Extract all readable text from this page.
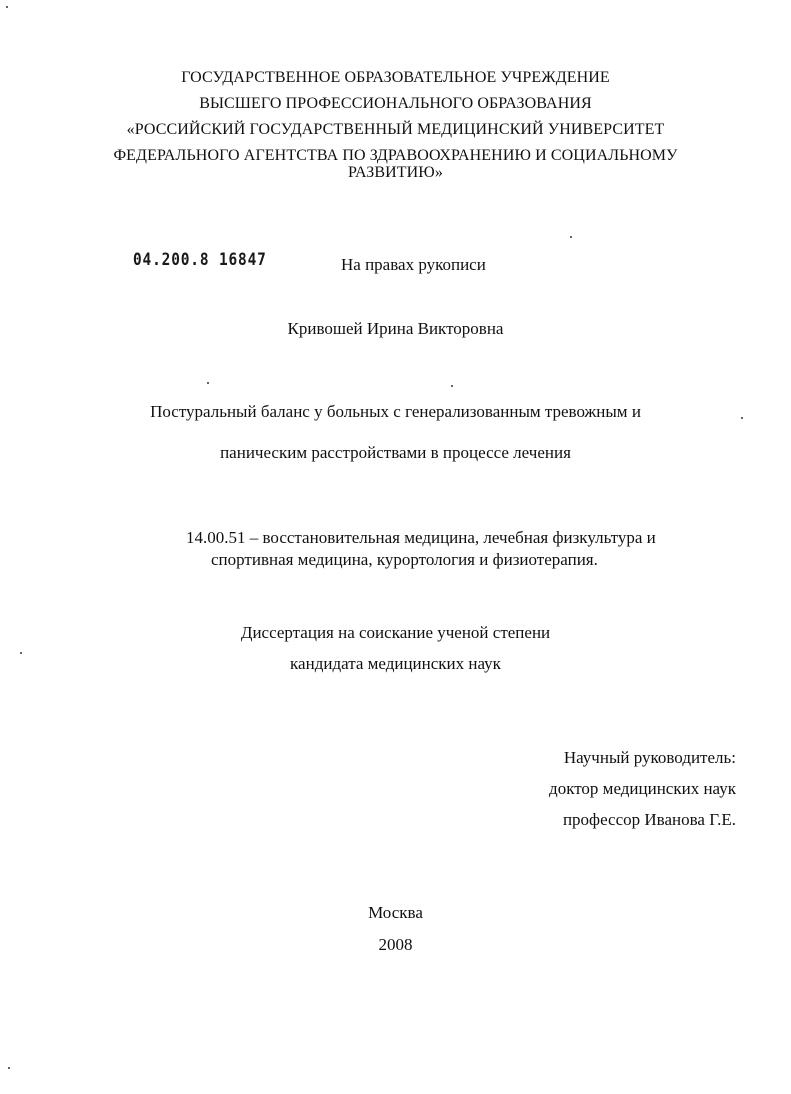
ГОСУДАРСТВЕННОЕ ОБРАЗОВАТЕЛЬНОЕ УЧРЕЖДЕНИЕ
ВЫСШЕГО ПРОФЕССИОНАЛЬНОГО ОБРАЗОВАНИЯ
«РОССИЙСКИЙ ГОСУДАРСТВЕННЫЙ МЕДИЦИНСКИЙ УНИВЕРСИТЕТ
ФЕДЕРАЛЬНОГО АГЕНТСТВА ПО ЗДРАВООХРАНЕНИЮ И СОЦИАЛЬНОМУ
РАЗВИТИЮ»
04.200.8 16847	На правах рукописи
Кривошей Ирина Викторовна
Постуральный баланс у больных с генерализованным тревожным и
паническим расстройствами в процессе лечения
14.00.51 – восстановительная медицина, лечебная физкультура и
спортивная медицина, курортология и физиотерапия.
Диссертация на соискание ученой степени
кандидата медицинских наук
Научный руководитель:
доктор медицинских наук
профессор Иванова Г.Е.
Москва
2008
